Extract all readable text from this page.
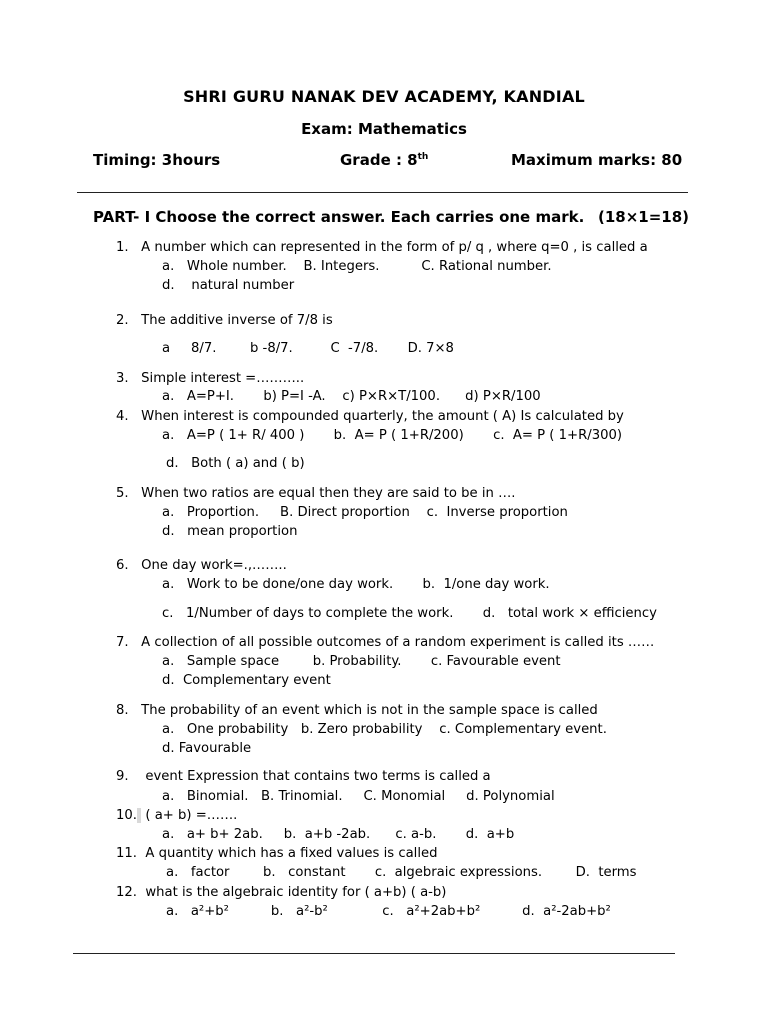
SHRI GURU NANAK DEV ACADEMY, KANDIAL
Exam: Mathematics
Timing: 3hours	Grade : 8th	Maximum marks: 80
PART- I Choose the correct answer. Each carries one mark. (18×1=18)
1. A number which can represented in the form of p/ q , where q=0 , is called a
a.   Whole number.    B. Integers.          C. Rational number.
d.    natural number
2. The additive inverse of 7/8 is
a     8/7.        b -8/7.         C  -7/8.       D. 7×8
3. Simple interest =………..
a.   A=P+I.       b) P=I -A.    c) P×R×T/100.      d) P×R/100
4. When interest is compounded quarterly, the amount ( A) Is calculated by
a.   A=P ( 1+ R/ 400 )       b.  A= P ( 1+R/200)       c.  A= P ( 1+R/300)
d.   Both ( a) and ( b)
5. When two ratios are equal then they are said to be in ….
a.   Proportion.     B. Direct proportion    c.  Inverse proportion
d.   mean proportion
6. One day work=.,……..
a.   Work to be done/one day work.       b.  1/one day work.
c.   1/Number of days to complete the work.       d.   total work × efficiency
7. A collection of all possible outcomes of a random experiment is called its ……
a.   Sample space        b. Probability.       c. Favourable event
d.  Complementary event
8. The probability of an event which is not in the sample space is called
a.   One probability   b. Zero probability    c. Complementary event.
d. Favourable
9. event Expression that contains two terms is called a
a.   Binomial.   B. Trinomial.     C. Monomial     d. Polynomial
10. ( a+ b) =…….
a.   a+ b+ 2ab.     b.  a+b -2ab.      c. a-b.       d.  a+b
11. A quantity which has a fixed values is called
a.   factor        b.   constant       c.  algebraic expressions.        D.  terms
12. what is the algebraic identity for ( a+b) ( a-b)
a.   a²+b²          b.   a²-b²             c.   a²+2ab+b²          d.  a²-2ab+b²
